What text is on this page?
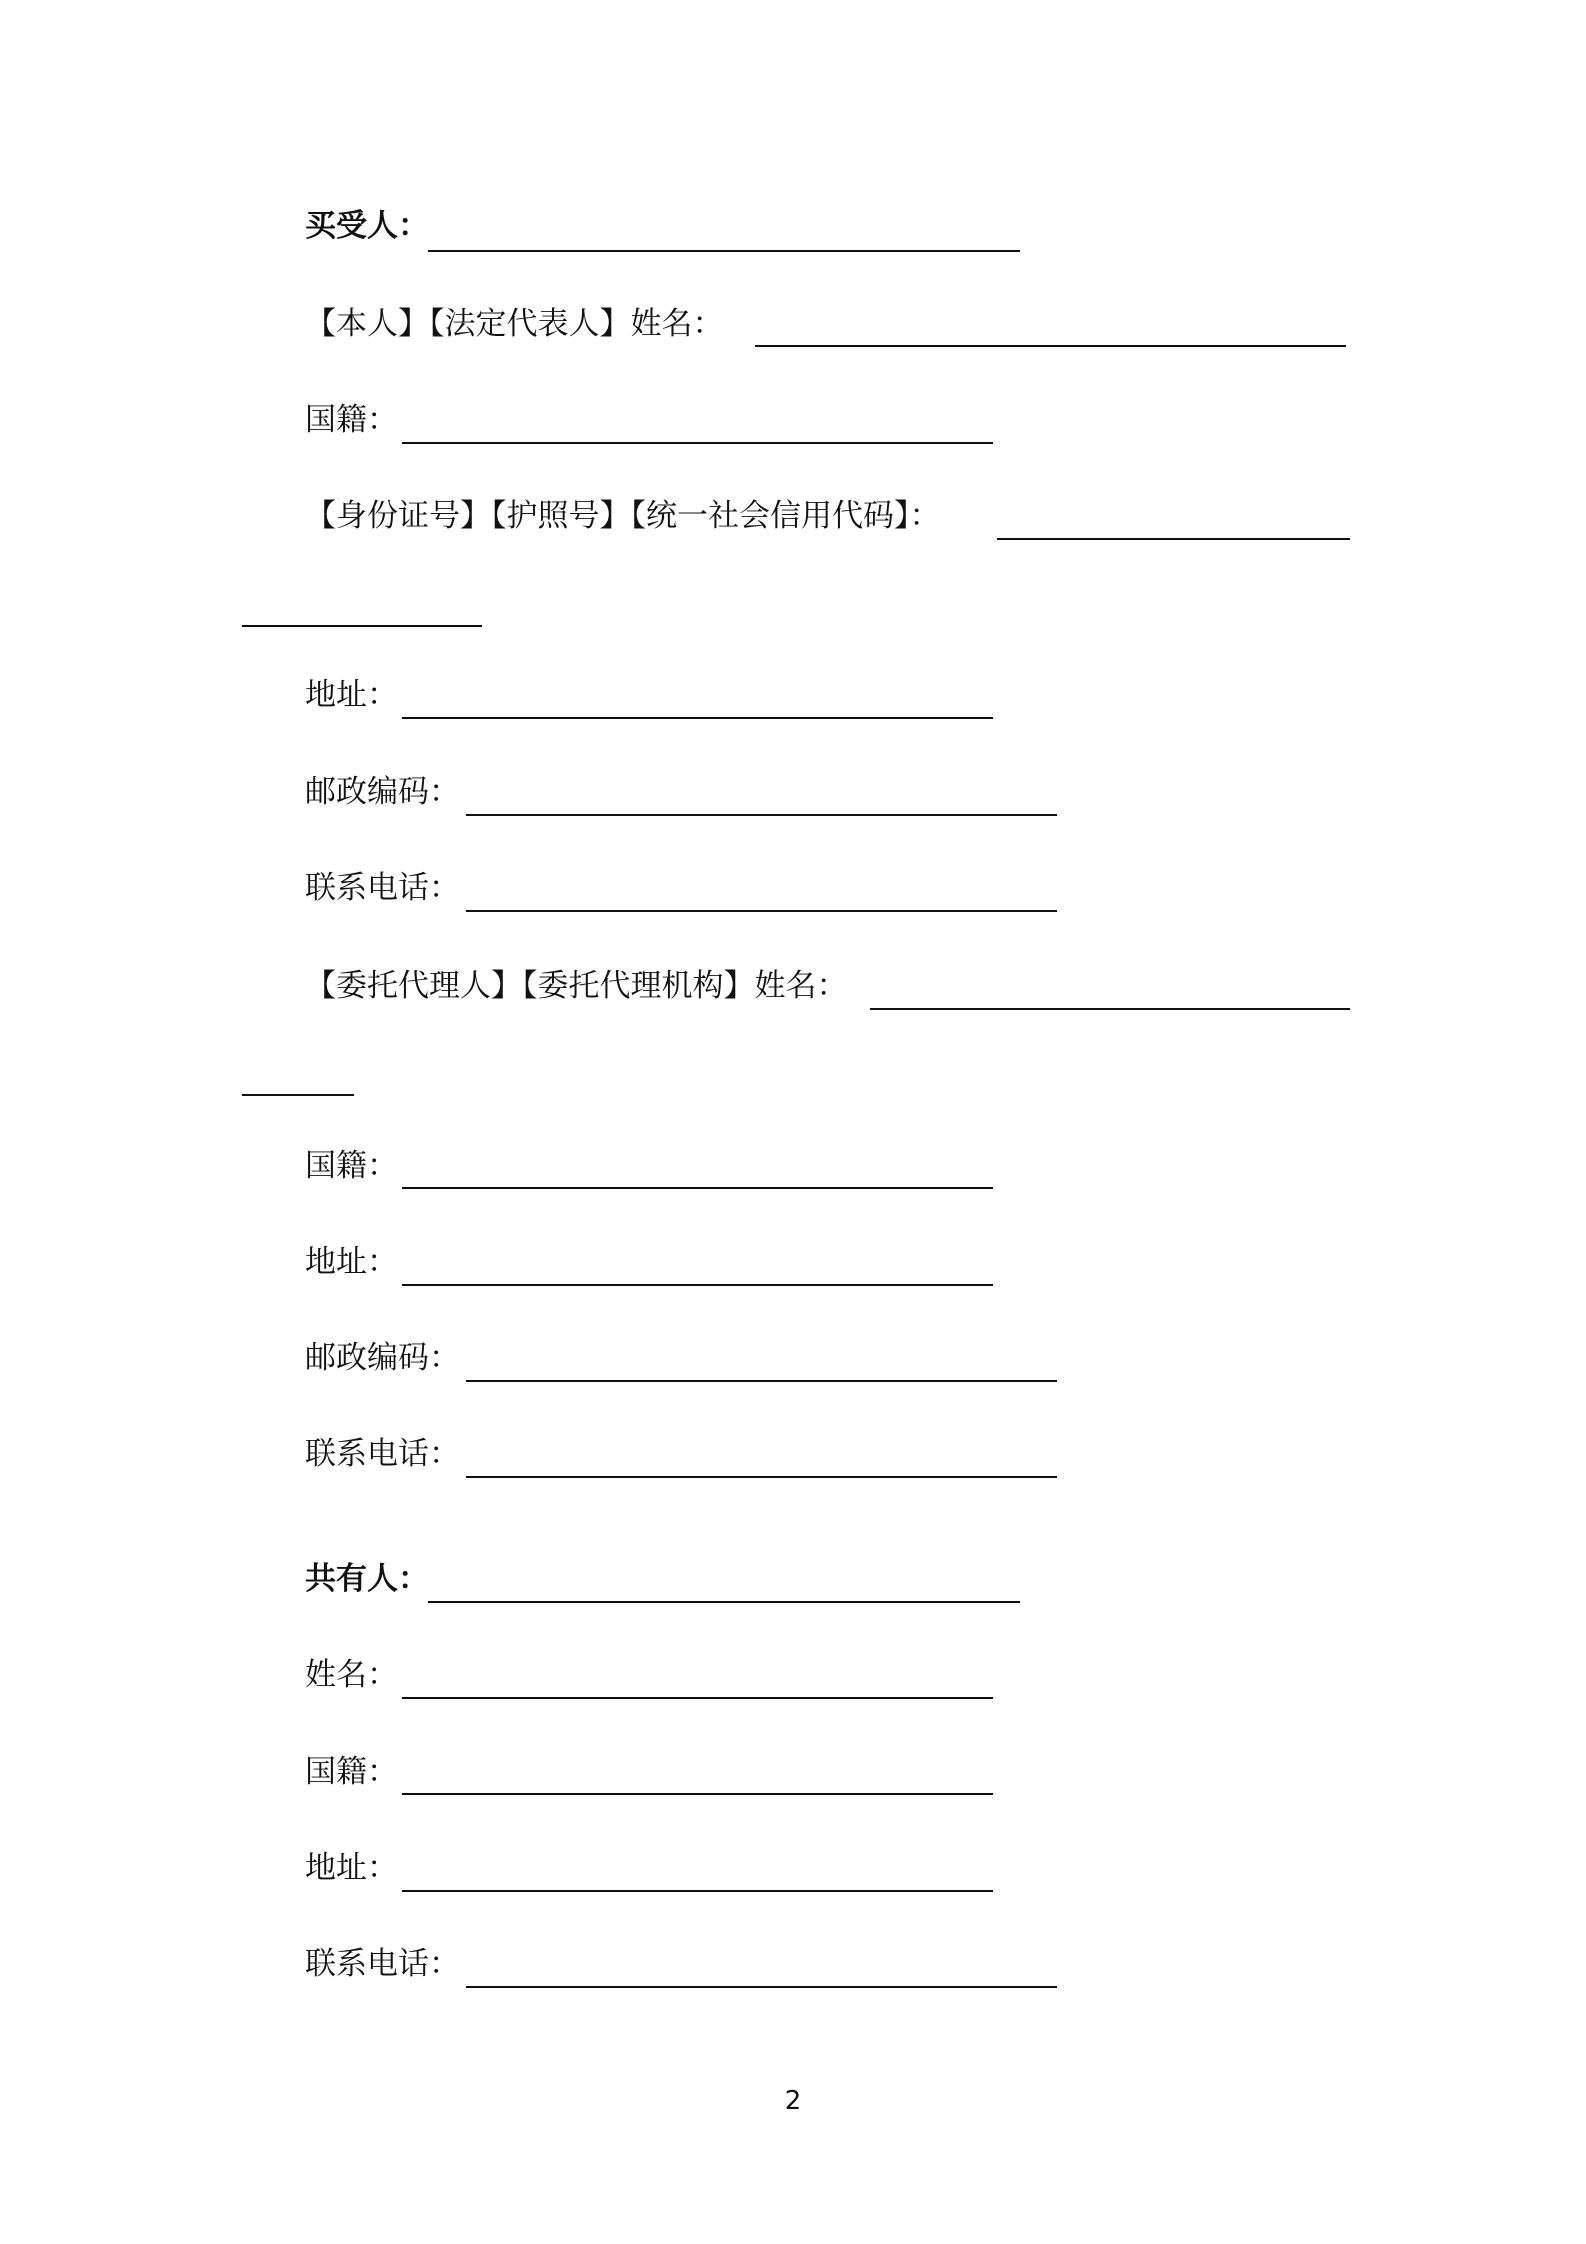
买受人：
【本人】【法定代表人】姓名：
国籍：
【身份证号】【护照号】【统一社会信用代码】：
地址：
邮政编码：
联系电话：
【委托代理人】【委托代理机构】姓名：
国籍：
地址：
邮政编码：
联系电话：
共有人：
姓名：
国籍：
地址：
联系电话：
2
